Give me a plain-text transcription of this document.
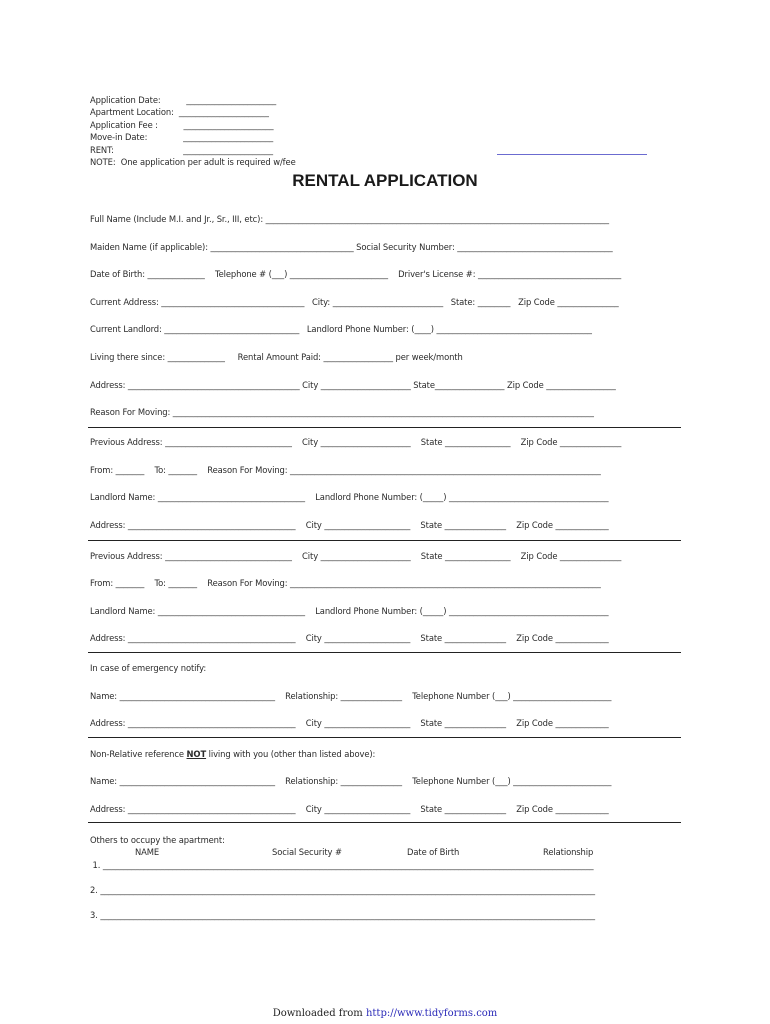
Application Date:          ______________________
Apartment Location:  ______________________
Application Fee :          ______________________
Move-in Date:              ______________________
RENT:                           ______________________
NOTE:  One application per adult is required w/fee
RENTAL APPLICATION
Full Name (Include M.I. and Jr., Sr., III, etc): ____________________________________________________________________________________
Maiden Name (if applicable): ___________________________________ Social Security Number: ______________________________________
Date of Birth: ______________    Telephone # (___) ________________________    Driver's License #: ___________________________________
Current Address: ___________________________________   City: ___________________________   State: ________   Zip Code _______________
Current Landlord: _________________________________   Landlord Phone Number: (____) ______________________________________
Living there since: ______________     Rental Amount Paid: _________________ per week/month
Address: __________________________________________ City ______________________ State_________________ Zip Code _________________
Reason For Moving: _______________________________________________________________________________________________________
Previous Address: _______________________________    City ______________________    State ________________    Zip Code _______________
From: _______    To: _______    Reason For Moving: ____________________________________________________________________________
Landlord Name: ____________________________________    Landlord Phone Number: (_____) _______________________________________
Address: _________________________________________    City _____________________    State _______________    Zip Code _____________
Previous Address: _______________________________    City ______________________    State ________________    Zip Code _______________
From: _______    To: _______    Reason For Moving: ____________________________________________________________________________
Landlord Name: ____________________________________    Landlord Phone Number: (_____) _______________________________________
Address: _________________________________________    City _____________________    State _______________    Zip Code _____________
In case of emergency notify:
Name: ______________________________________    Relationship: _______________    Telephone Number (___) ________________________
Address: _________________________________________    City _____________________    State _______________    Zip Code _____________
Non-Relative reference NOT living with you (other than listed above):
Name: ______________________________________    Relationship: _______________    Telephone Number (___) ________________________
Address: _________________________________________    City _____________________    State _______________    Zip Code _____________
Others to occupy the apartment:
NAME	Social Security #	Date of Birth	Relationship
1. ________________________________________________________________________________________________________________________
2. _________________________________________________________________________________________________________________________
3. _________________________________________________________________________________________________________________________
Downloaded from http://www.tidyforms.com
